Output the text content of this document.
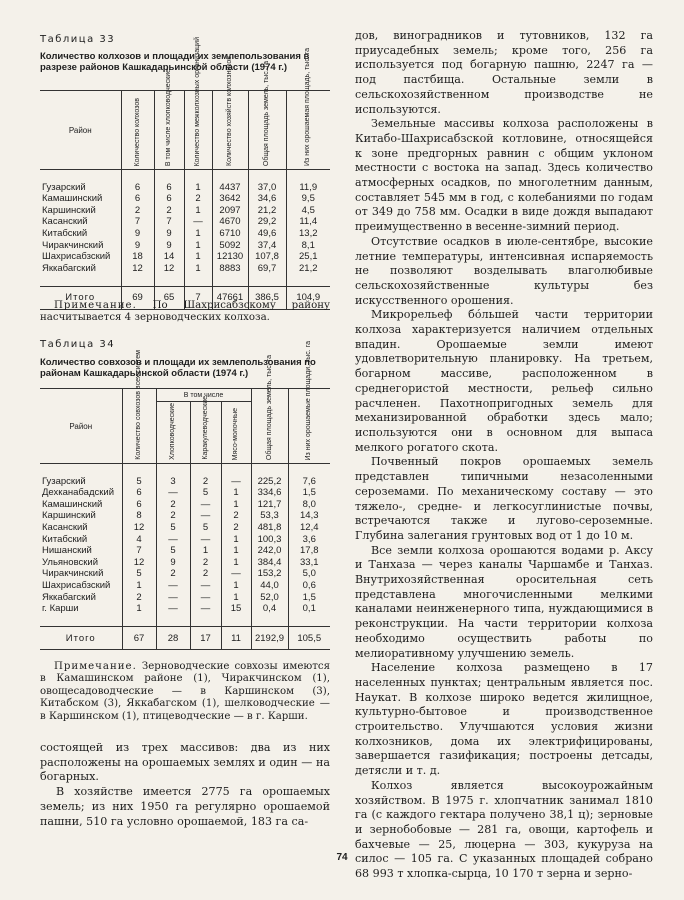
Таблица 33
Количество колхозов и площади их землепользования в разрезе районов Кашкадарьинской области (1974 г.)
Район	Количество колхозов	В том числе хлопководческие	Количество межколхозных организаций	Количество хозяйств колхозников	Общая площадь земель, тыс. га	Из них орошаемая площадь, тыс. га

Гузарский	6	6	1	4437	37,0	11,9
Камашинский	6	6	2	3642	34,6	9,5
Каршинский	2	2	1	2097	21,2	4,5
Касанский	7	7	—	4670	29,2	11,4
Китабский	9	9	1	6710	49,6	13,2
Чиракчинский	9	9	1	5092	37,4	8,1
Шахрисабзский	18	14	1	12130	107,8	25,1
Яккабагский	12	12	1	8883	69,7	21,2

Итого	69	65	7	47661	386,5	104,9
Примечание. По Шахрисабзскому району насчитывается 4 зерноводческих колхоза.
Таблица 34
Количество совхозов и площади их землепользования по районам Кашкадарьинской области (1974 г.)
Район	Количество совхозов всех систем	В том числе			Общая площадь земель, тыс. га	Из них орошаемые площади, тыс. га

		Хлопководческие	Каракулеводческие	Мясо-молочные		

Гузарский	5	3	2	—	225,2	7,6
Дехканабадский	6	—	5	1	334,6	1,5
Камашинский	6	2	—	1	121,7	8,0
Каршинский	8	2	—	2	53,3	14,3
Касанский	12	5	5	2	481,8	12,4
Китабский	4	—	—	1	100,3	3,6
Нишанский	7	5	1	1	242,0	17,8
Ульяновский	12	9	2	1	384,4	33,1
Чиракчинский	5	2	2	—	153,2	5,0
Шахрисабзский	1	—	—	1	44,0	0,6
Яккабагский	2	—	—	1	52,0	1,5
г. Карши	1	—	—	15	0,4	0,1

Итого	67	28	17	11	2192,9	105,5
Примечание. Зерноводческие совхозы имеются в Камашинском районе (1), Чиракчинском (1), овощесадоводческие — в Каршинском (3), Китабском (3), Яккабагском (1), шелководческие — в Каршинском (1), птицеводческие — в г. Карши.

состоящей из трех массивов: два из них расположены на орошаемых землях и один — на богарных.

В хозяйстве имеется 2775 га орошаемых земель; из них 1950 га регулярно орошаемой пашни, 510 га условно орошаемой, 183 га са-

дов, виноградников и тутовников, 132 га приусадебных земель; кроме того, 256 га используется под богарную пашню, 2247 га — под пастбища. Остальные земли в сельскохозяйственном производстве не используются.

Земельные массивы колхоза расположены в Китабо-Шахрисабзской котловине, относящейся к зоне предгорных равнин с общим уклоном местности с востока на запад. Здесь количество атмосферных осадков, по многолетним данным, составляет 545 мм в год, с колебаниями по годам от 349 до 758 мм. Осадки в виде дождя выпадают преимущественно в весенне-зимний период.

Отсутствие осадков в июле-сентябре, высокие летние температуры, интенсивная испаряемость не позволяют возделывать влаголюбивые сельскохозяйственные культуры без искусственного орошения.

Микрорельеф бо́льшей части территории колхоза характеризуется наличием отдельных впадин. Орошаемые земли имеют удовлетворительную планировку. На третьем, богарном массиве, расположенном в среднегористой местности, рельеф сильно расчленен. Пахотнопригодных земель для механизированной обработки здесь мало; используются они в основном для выпаса мелкого рогатого скота.

Почвенный покров орошаемых земель представлен типичными незасоленными сероземами. По механическому составу — это тяжело-, средне- и легкосуглинистые почвы, встречаются также и лугово-сероземные. Глубина залегания грунтовых вод от 1 до 10 м.

Все земли колхоза орошаются водами р. Аксу и Танхаза — через каналы Чаршамбе и Танхаз. Внутрихозяйственная оросительная сеть представлена многочисленными мелкими каналами неинженерного типа, нуждающимися в реконструкции. На части территории колхоза необходимо осуществить работы по мелиоративному улучшению земель.

Население колхоза размещено в 17 населенных пунктах; центральным является пос. Наукат. В колхозе широко ведется жилищное, культурно-бытовое и производственное строительство. Улучшаются условия жизни колхозников, дома их электрифицированы, завершается газификация; построены детсады, детясли и т. д.

Колхоз является высокоурожайным хозяйством. В 1975 г. хлопчатник занимал 1810 га (с каждого гектара получено 38,1 ц); зерновые и зернобобовые — 281 га, овощи, картофель и бахчевые — 25, люцерна — 303, кукуруза на силос — 105 га. С указанных площадей собрано 68 993 т хлопка-сырца, 10 170 т зерна и зерно-

74
